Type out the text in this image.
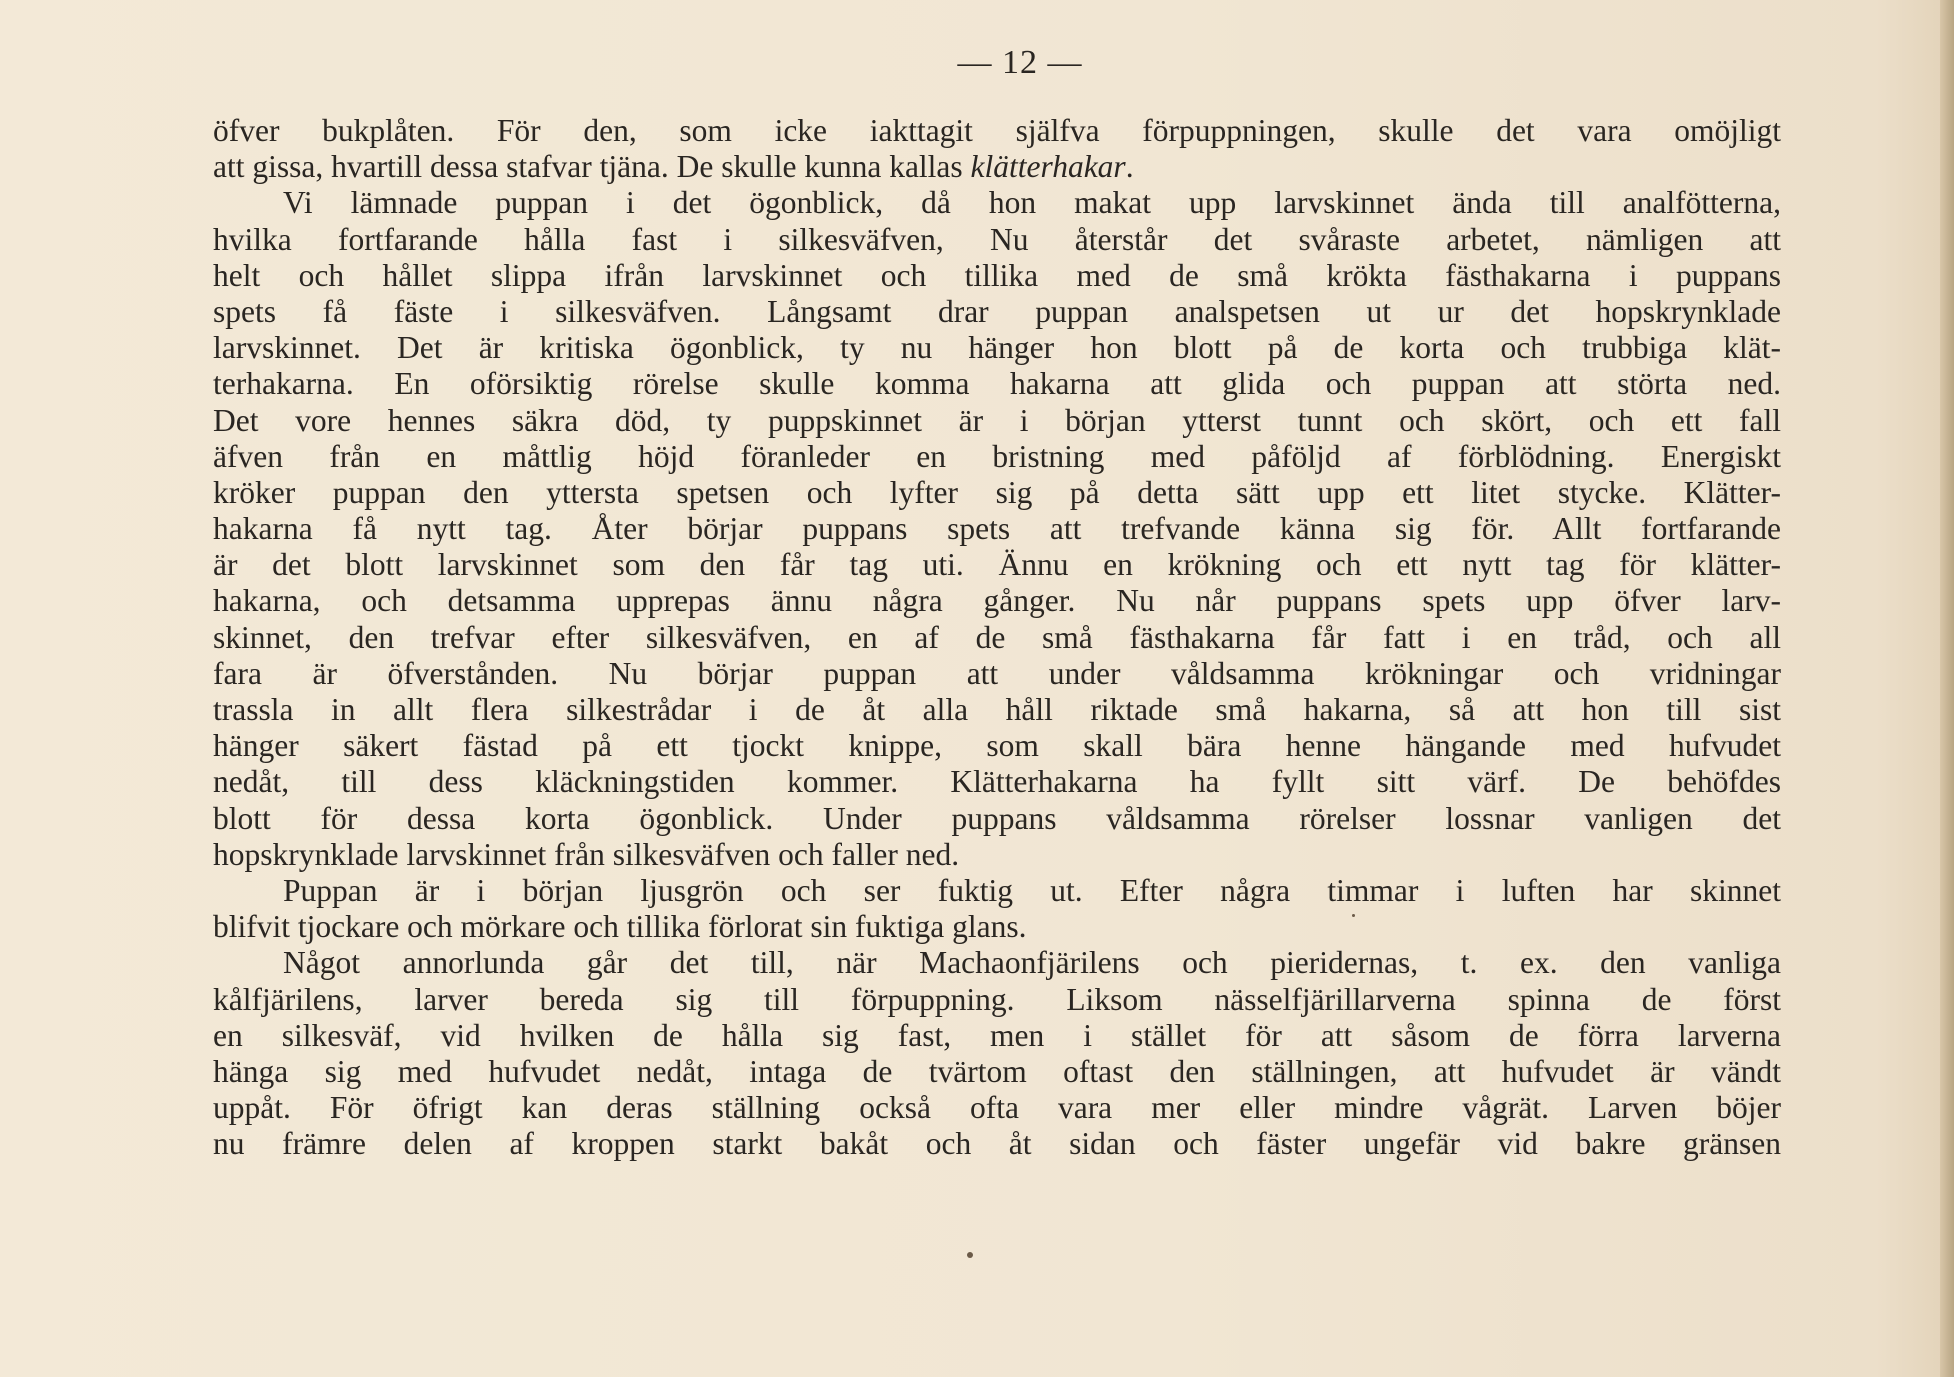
— 12 —
öfver bukplåten. För den, som icke iakttagit själfva förpuppningen, skulle det vara omöjligt
att gissa, hvartill dessa stafvar tjäna. De skulle kunna kallas klätterhakar.
Vi lämnade puppan i det ögonblick, då hon makat upp larvskinnet ända till analfötterna,
hvilka fortfarande hålla fast i silkesväfven, Nu återstår det svåraste arbetet, nämligen att
helt och hållet slippa ifrån larvskinnet och tillika med de små krökta fästhakarna i puppans
spets få fäste i silkesväfven. Långsamt drar puppan analspetsen ut ur det hopskrynklade
larvskinnet. Det är kritiska ögonblick, ty nu hänger hon blott på de korta och trubbiga klät-
terhakarna. En oförsiktig rörelse skulle komma hakarna att glida och puppan att störta ned.
Det vore hennes säkra död, ty puppskinnet är i början ytterst tunnt och skört, och ett fall
äfven från en måttlig höjd föranleder en bristning med påföljd af förblödning. Energiskt
kröker puppan den yttersta spetsen och lyfter sig på detta sätt upp ett litet stycke. Klätter-
hakarna få nytt tag. Åter börjar puppans spets att trefvande känna sig för. Allt fortfarande
är det blott larvskinnet som den får tag uti. Ännu en krökning och ett nytt tag för klätter-
hakarna, och detsamma upprepas ännu några gånger. Nu når puppans spets upp öfver larv-
skinnet, den trefvar efter silkesväfven, en af de små fästhakarna får fatt i en tråd, och all
fara är öfverstånden. Nu börjar puppan att under våldsamma krökningar och vridningar
trassla in allt flera silkestrådar i de åt alla håll riktade små hakarna, så att hon till sist
hänger säkert fästad på ett tjockt knippe, som skall bära henne hängande med hufvudet
nedåt, till dess kläckningstiden kommer. Klätterhakarna ha fyllt sitt värf. De behöfdes
blott för dessa korta ögonblick. Under puppans våldsamma rörelser lossnar vanligen det
hopskrynklade larvskinnet från silkesväfven och faller ned.
Puppan är i början ljusgrön och ser fuktig ut. Efter några timmar i luften har skinnet
blifvit tjockare och mörkare och tillika förlorat sin fuktiga glans.
Något annorlunda går det till, när Machaonfjärilens och pieridernas, t. ex. den vanliga
kålfjärilens, larver bereda sig till förpuppning. Liksom nässelfjärillarverna spinna de först
en silkesväf, vid hvilken de hålla sig fast, men i stället för att såsom de förra larverna
hänga sig med hufvudet nedåt, intaga de tvärtom oftast den ställningen, att hufvudet är vändt
uppåt. För öfrigt kan deras ställning också ofta vara mer eller mindre vågrät. Larven böjer
nu främre delen af kroppen starkt bakåt och åt sidan och fäster ungefär vid bakre gränsen
